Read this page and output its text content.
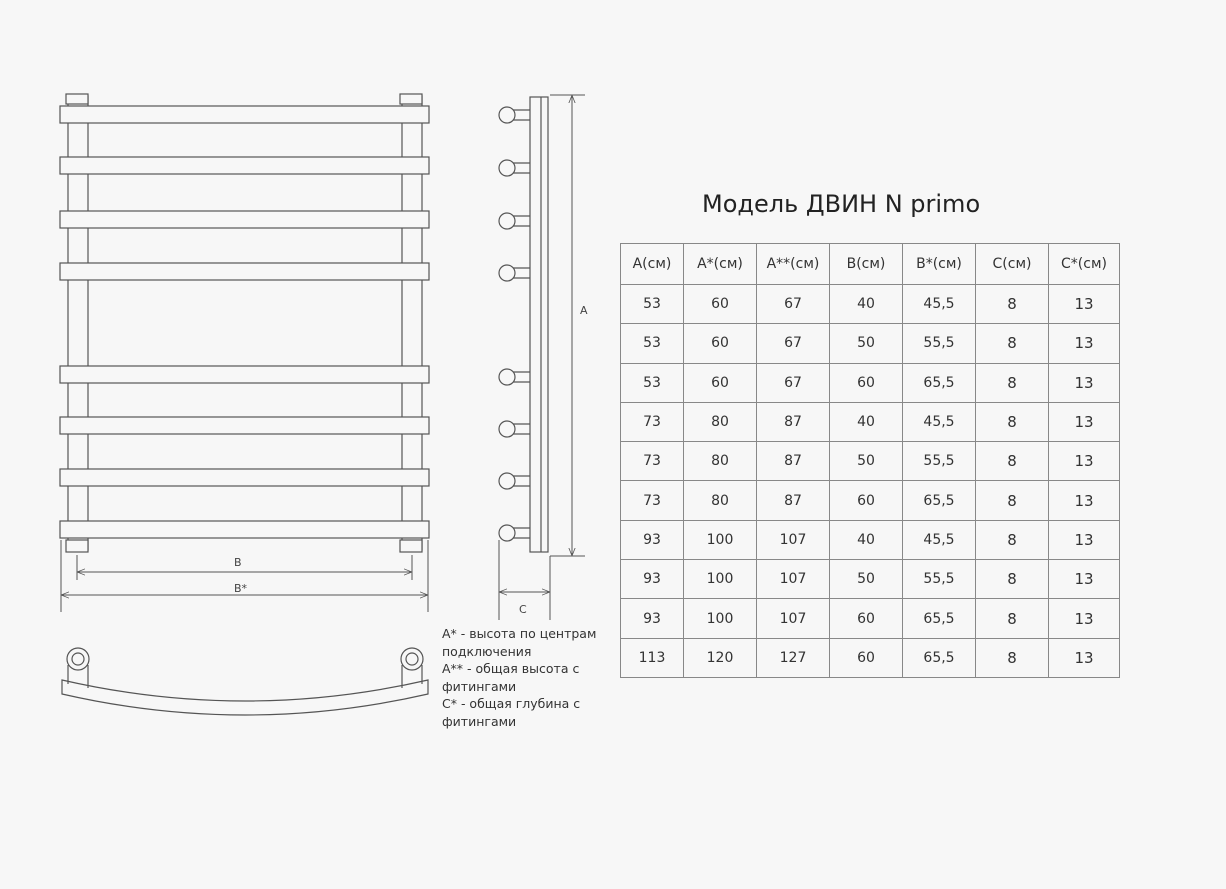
B
B*
A
C
Модель ДВИН N primo
A(см)	A*(см)	A**(см)	B(см)	B*(см)	C(см)	C*(см)
53	60	67	40	45,5	8	13
53	60	67	50	55,5	8	13
53	60	67	60	65,5	8	13
73	80	87	40	45,5	8	13
73	80	87	50	55,5	8	13
73	80	87	60	65,5	8	13
93	100	107	40	45,5	8	13
93	100	107	50	55,5	8	13
93	100	107	60	65,5	8	13
113	120	127	60	65,5	8	13
A* - высота по центрам
подключения
A** - общая высота с
фитингами
C* - общая глубина с
фитингами
